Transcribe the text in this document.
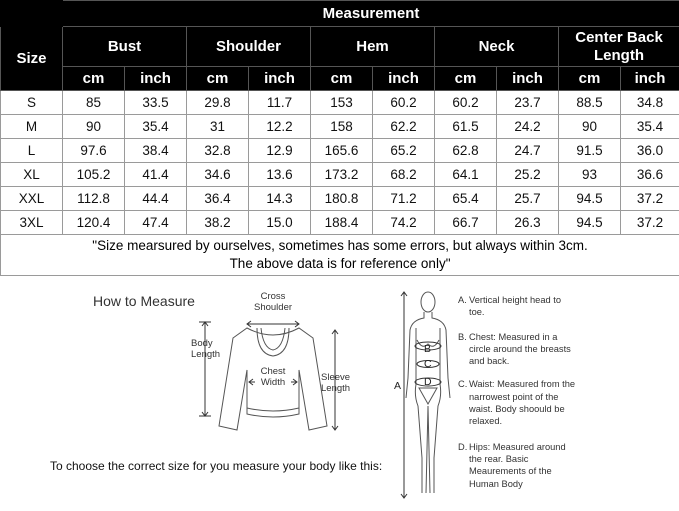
	Measurement									
Size	Bust		Shoulder		Hem		Neck		Center Back Length	
	cm	inch	cm	inch	cm	inch	cm	inch	cm	inch
S	85	33.5	29.8	11.7	153	60.2	60.2	23.7	88.5	34.8
M	90	35.4	31	12.2	158	62.2	61.5	24.2	90	35.4
L	97.6	38.4	32.8	12.9	165.6	65.2	62.8	24.7	91.5	36.0
XL	105.2	41.4	34.6	13.6	173.2	68.2	64.1	25.2	93	36.6
XXL	112.8	44.4	36.4	14.3	180.8	71.2	65.4	25.7	94.5	37.2
3XL	120.4	47.4	38.2	15.0	188.4	74.2	66.7	26.3	94.5	37.2

"Size mearsured by ourselves, sometimes has some errors, but always within 3cm.
The above data is for reference only"										
How to Measure	Cross
Shoulder
Body
Length
Chest
Width	Sleeve
Length
To choose the correct size for you measure your body like this:
A
B
C
D
A. Vertical height head to toe.
B. Chest: Measured in a circle around the breasts and back.
C. Waist: Measured from the narrowest point of the waist. Body shoould be relaxed.
D. Hips: Measured around the rear. Basic Meaurements of the Human Body
